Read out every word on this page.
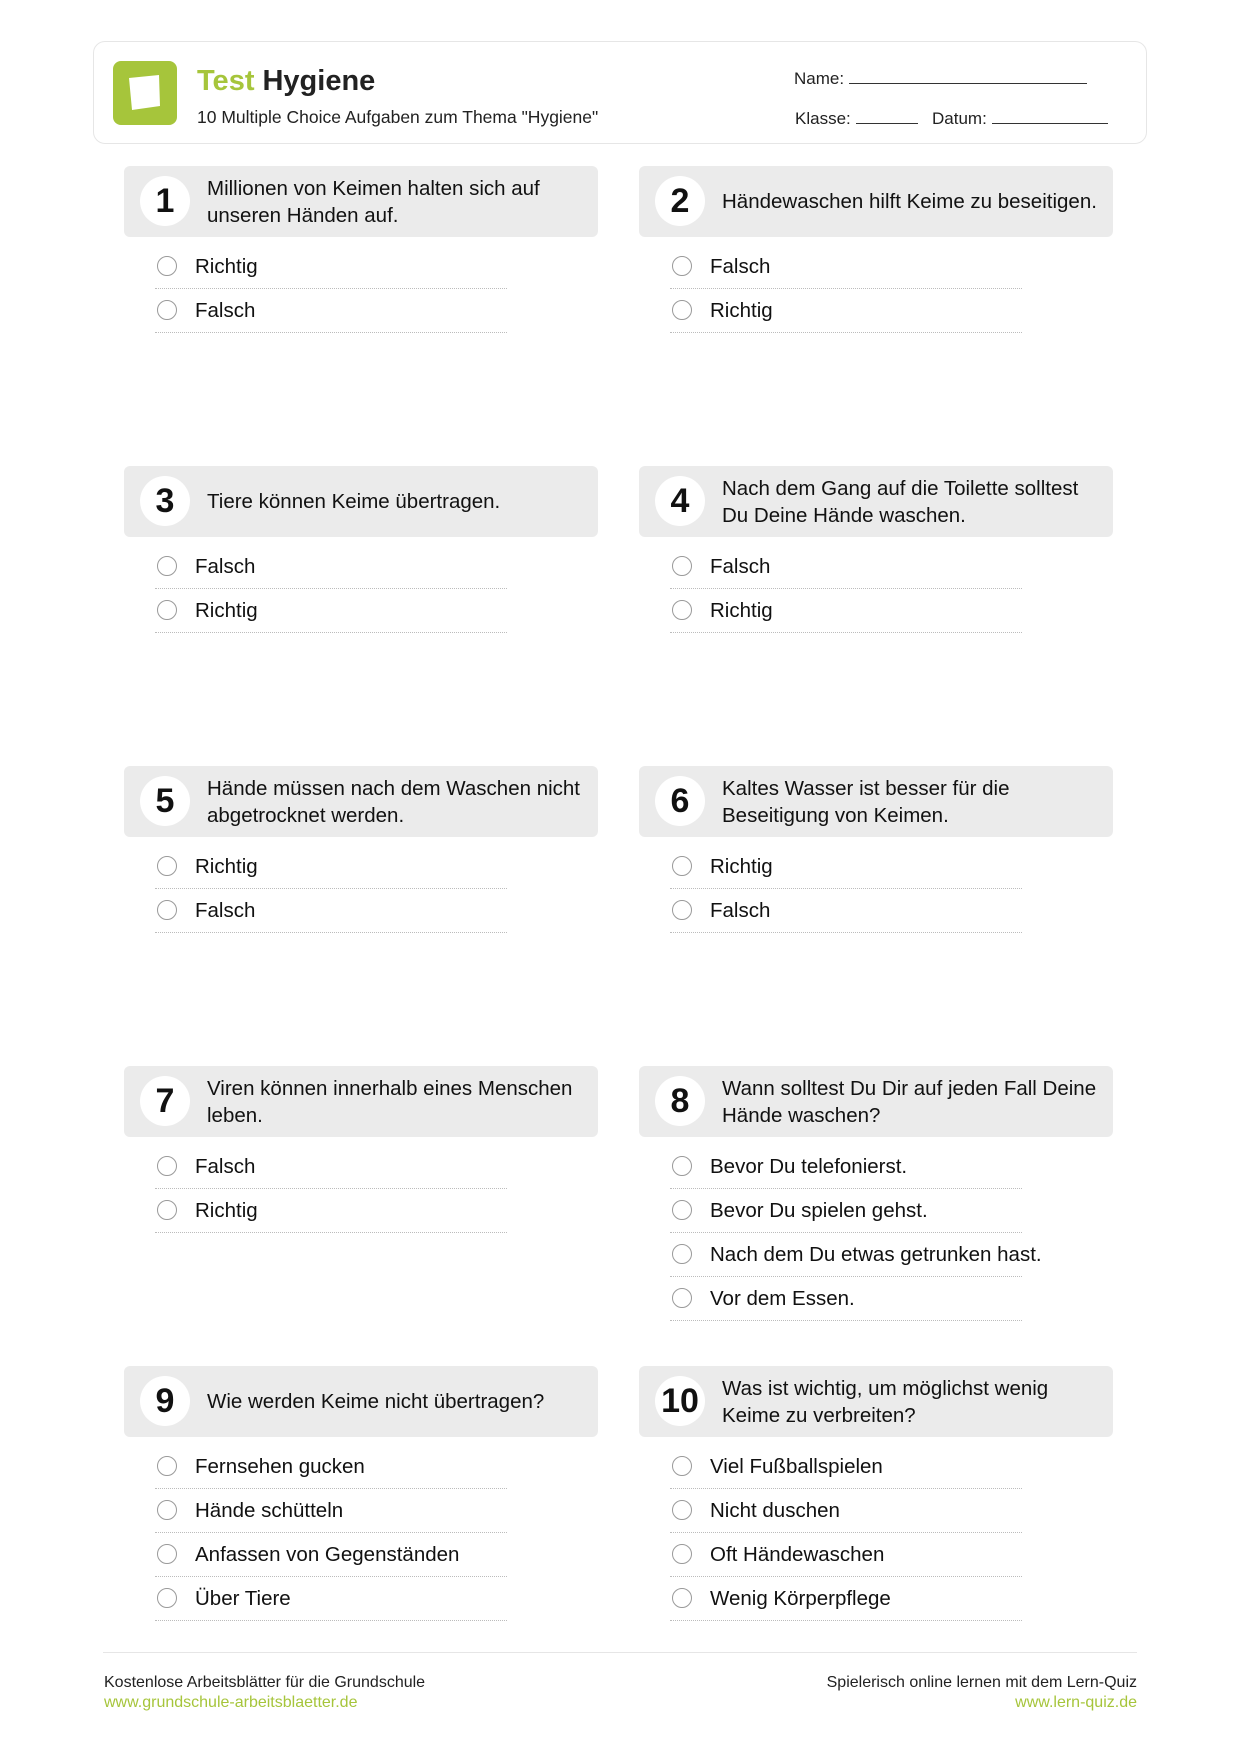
Test Hygiene
10 Multiple Choice Aufgaben zum Thema "Hygiene"
Name:
Klasse:	Datum:
1	Millionen von Keimen halten sich auf unseren Händen auf.
Richtig
Falsch
2	Händewaschen hilft Keime zu beseitigen.
Falsch
Richtig
3	Tiere können Keime übertragen.
Falsch
Richtig
4	Nach dem Gang auf die Toilette solltest Du Deine Hände waschen.
Falsch
Richtig
5	Hände müssen nach dem Waschen nicht abgetrocknet werden.
Richtig
Falsch
6	Kaltes Wasser ist besser für die Beseitigung von Keimen.
Richtig
Falsch
7	Viren können innerhalb eines Menschen leben.
Falsch
Richtig
8	Wann solltest Du Dir auf jeden Fall Deine Hände waschen?
Bevor Du telefonierst.
Bevor Du spielen gehst.
Nach dem Du etwas getrunken hast.
Vor dem Essen.
9	Wie werden Keime nicht übertragen?
Fernsehen gucken
Hände schütteln
Anfassen von Gegenständen
Über Tiere
10 Was ist wichtig, um möglichst wenig Keime zu verbreiten?
Viel Fußballspielen
Nicht duschen
Oft Händewaschen
Wenig Körperpflege
Kostenlose Arbeitsblätter für die Grundschule
www.grundschule-arbeitsblaetter.de
Spielerisch online lernen mit dem Lern-Quiz
www.lern-quiz.de
